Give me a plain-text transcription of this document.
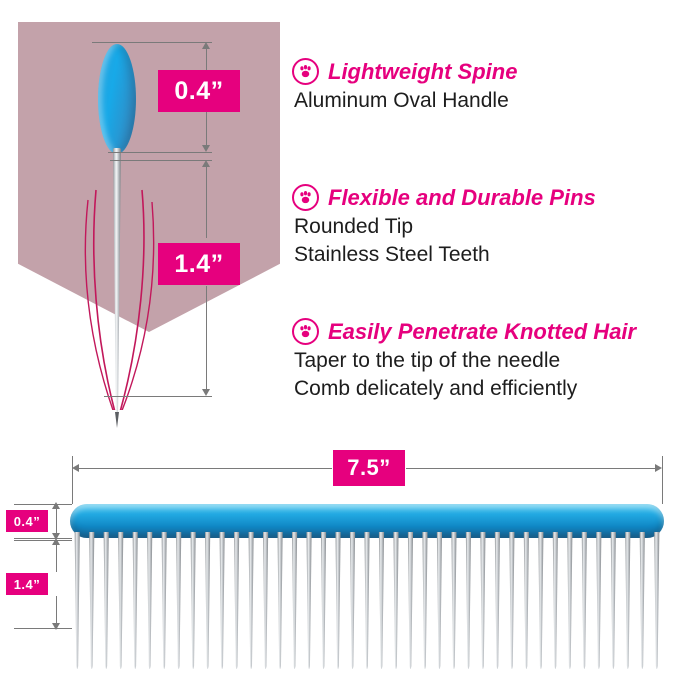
0.4”
1.4”
Lightweight Spine
Aluminum Oval Handle
Flexible and Durable Pins
Rounded Tip
Stainless Steel Teeth
Easily Penetrate Knotted Hair
Taper to the tip of the needle
Comb delicately and efficiently
7.5”
0.4”
1.4”
